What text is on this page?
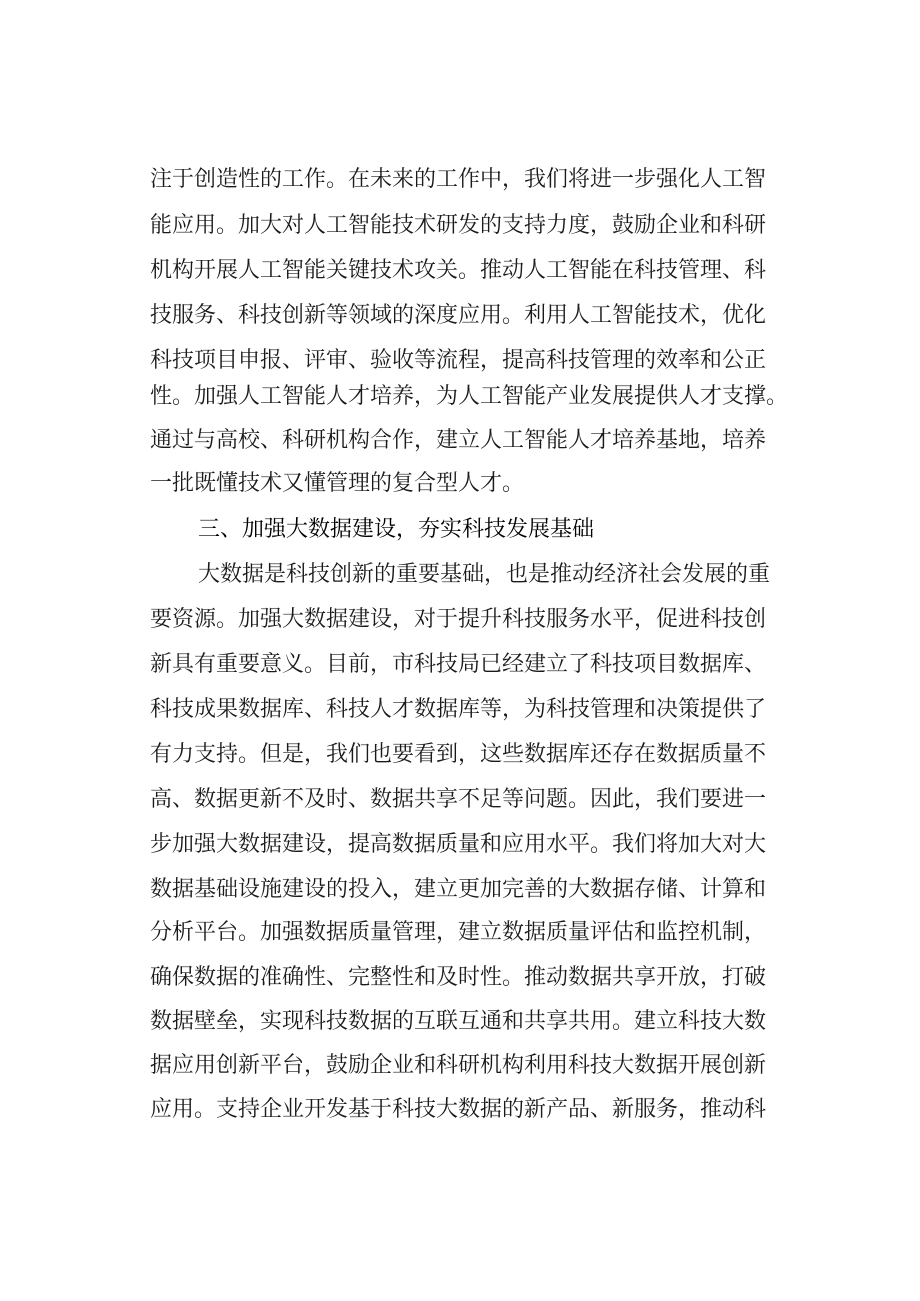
注于创造性的工作。在未来的工作中，我们将进一步强化人工智
能应用。加大对人工智能技术研发的支持力度，鼓励企业和科研
机构开展人工智能关键技术攻关。推动人工智能在科技管理、科
技服务、科技创新等领域的深度应用。利用人工智能技术，优化
科技项目申报、评审、验收等流程，提高科技管理的效率和公正
性。加强人工智能人才培养，为人工智能产业发展提供人才支撑。
通过与高校、科研机构合作，建立人工智能人才培养基地，培养
一批既懂技术又懂管理的复合型人才。
三、加强大数据建设，夯实科技发展基础
大数据是科技创新的重要基础，也是推动经济社会发展的重
要资源。加强大数据建设，对于提升科技服务水平，促进科技创
新具有重要意义。目前，市科技局已经建立了科技项目数据库、
科技成果数据库、科技人才数据库等，为科技管理和决策提供了
有力支持。但是，我们也要看到，这些数据库还存在数据质量不
高、数据更新不及时、数据共享不足等问题。因此，我们要进一
步加强大数据建设，提高数据质量和应用水平。我们将加大对大
数据基础设施建设的投入，建立更加完善的大数据存储、计算和
分析平台。加强数据质量管理，建立数据质量评估和监控机制，
确保数据的准确性、完整性和及时性。推动数据共享开放，打破
数据壁垒，实现科技数据的互联互通和共享共用。建立科技大数
据应用创新平台，鼓励企业和科研机构利用科技大数据开展创新
应用。支持企业开发基于科技大数据的新产品、新服务，推动科
